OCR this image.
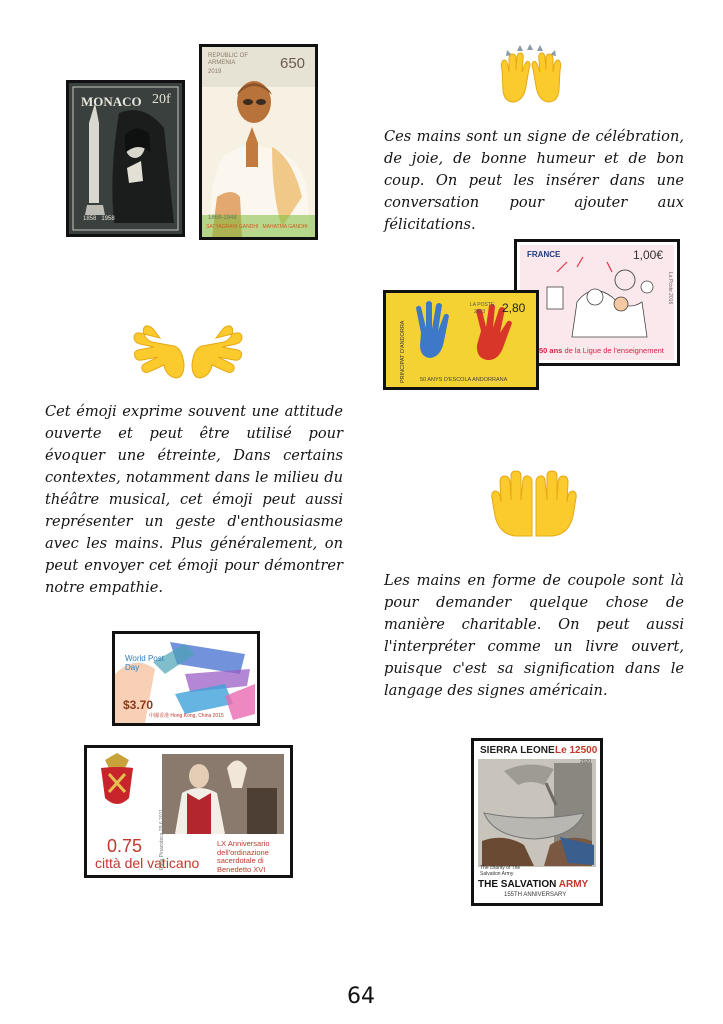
MONACO 20f
1858   1958
REPUBLIC OF ARMENIA
2019	650
1869-1948
SATYAGRAHI GANDHI   MAHATMA GANDHI

Ces mains sont un signe de célébration, de joie, de bonne humeur et de bon coup. On peut les insérer dans une conversation pour ajouter aux félicitations.

FRANCE	1,00€
50 ans de la Ligue de l'enseignement
La Poste 2016
PRINCIPAT D'ANDORRA
LA POSTE
2013 2,80
50 ANYS D'ESCOLA ANDORRANA

Cet émoji exprime souvent une attitude ouverte et peut être utilisé pour évoquer une étreinte, Dans certains contextes, notamment dans le milieu du théâtre musical, cet émoji peut aussi représenter un geste d'enthousiasme avec les mains. Plus généralement, on peut envoyer cet émoji pour démontrer notre empathie.	Les mains en forme de coupole sont là pour demander quelque chose de manière charitable. On peut aussi l'interpréter comme un livre ouvert, puisque c'est sa signification dans le langage des signes américain.

World Post Day
$3.70
中國香港 Hong Kong, China 2015
0.75
città del vaticano
LX Anniversario dell'ordinazione sacerdotale di Benedetto XVI
Dalla Pinacoteca 29.6.2011
SIERRA LEONE Le 12500
2020
The charity of The Salvation Army
THE SALVATION ARMY
155TH ANNIVERSARY
64
